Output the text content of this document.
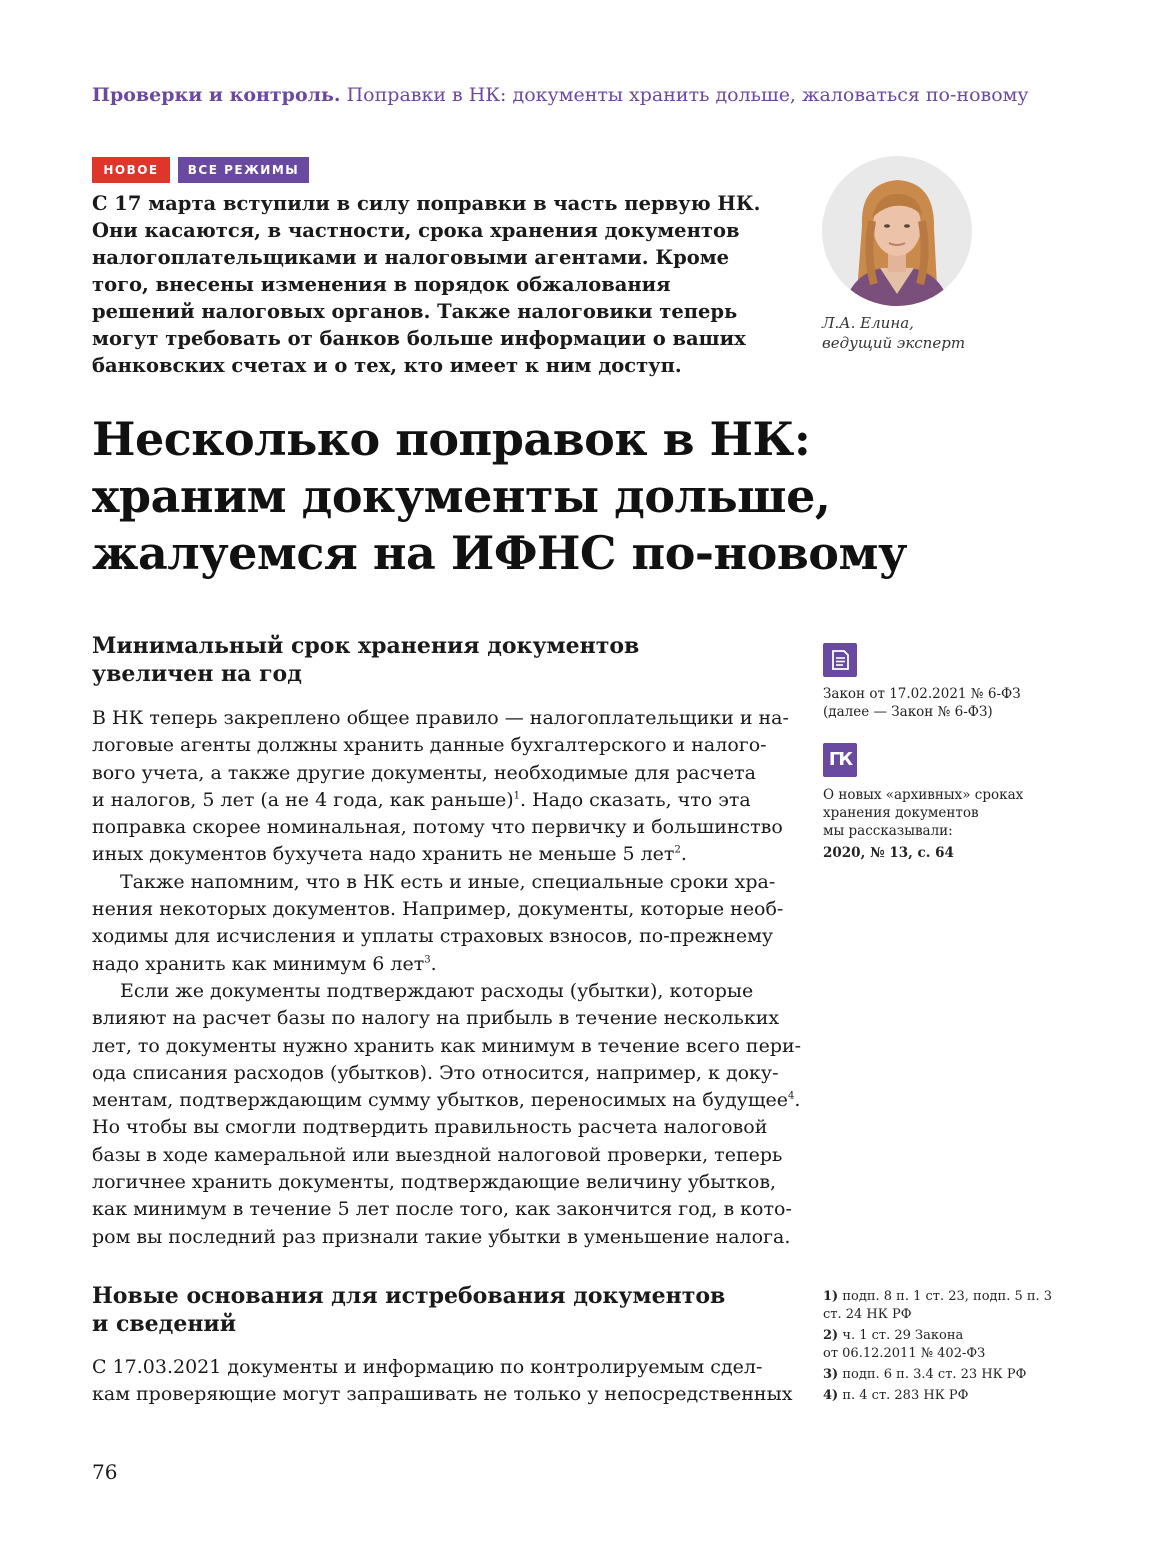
Проверки и контроль. Поправки в НК: документы хранить дольше, жаловаться по-новому
НОВОЕ	ВСЕ РЕЖИМЫ

С 17 марта вступили в силу поправки в часть первую НК.

Они касаются, в частности, срока хранения документов

налогоплательщиками и налоговыми агентами. Кроме

того, внесены изменения в порядок обжалования

решений налоговых органов. Также налоговики теперь

могут требовать от банков больше информации о ваших

банковских счетах и о тех, кто имеет к ним доступ.

Л.А. Елина,

ведущий эксперт

Несколько поправок в НК:

храним документы дольше,

жалуемся на ИФНС по-новому

Минимальный срок хранения документов

увеличен на год

В НК теперь закреплено общее правило — налогоплательщики и на-

логовые агенты должны хранить данные бухгалтерского и налого-

вого учета, а также другие документы, необходимые для расчета

и налогов, 5 лет (а не 4 года, как раньше)$^1$. Надо сказать, что эта

поправка скорее номинальная, потому что первичку и большинство

иных документов бухучета надо хранить не меньше 5 лет$^2$.

Также напомним, что в НК есть и иные, специальные сроки хра-

нения некоторых документов. Например, документы, которые необ-

ходимы для исчисления и уплаты страховых взносов, по-прежнему

надо хранить как минимум 6 лет$^3$.

Если же документы подтверждают расходы (убытки), которые

влияют на расчет базы по налогу на прибыль в течение нескольких

лет, то документы нужно хранить как минимум в течение всего пери-

ода списания расходов (убытков). Это относится, например, к доку-

ментам, подтверждающим сумму убытков, переносимых на будущее$^4$.

Но чтобы вы смогли подтвердить правильность расчета налоговой

базы в ходе камеральной или выездной налоговой проверки, теперь

логичнее хранить документы, подтверждающие величину убытков,

как минимум в течение 5 лет после того, как закончится год, в кото-

ром вы последний раз признали такие убытки в уменьшение налога.

Новые основания для истребования документов

и сведений

С 17.03.2021 документы и информацию по контролируемым сдел-

кам проверяющие могут запрашивать не только у непосредственных

Закон от 17.02.2021 № 6-ФЗ

(далее — Закон № 6-ФЗ)

ГК

О новых «архивных» сроках

хранения документов

мы рассказывали:

2020, № 13, с. 64

1) подп. 8 п. 1 ст. 23, подп. 5 п. 3
ст. 24 НК РФ

2) ч. 1 ст. 29 Закона
от 06.12.2011 № 402-ФЗ

3) подп. 6 п. 3.4 ст. 23 НК РФ

4) п. 4 ст. 283 НК РФ

76
